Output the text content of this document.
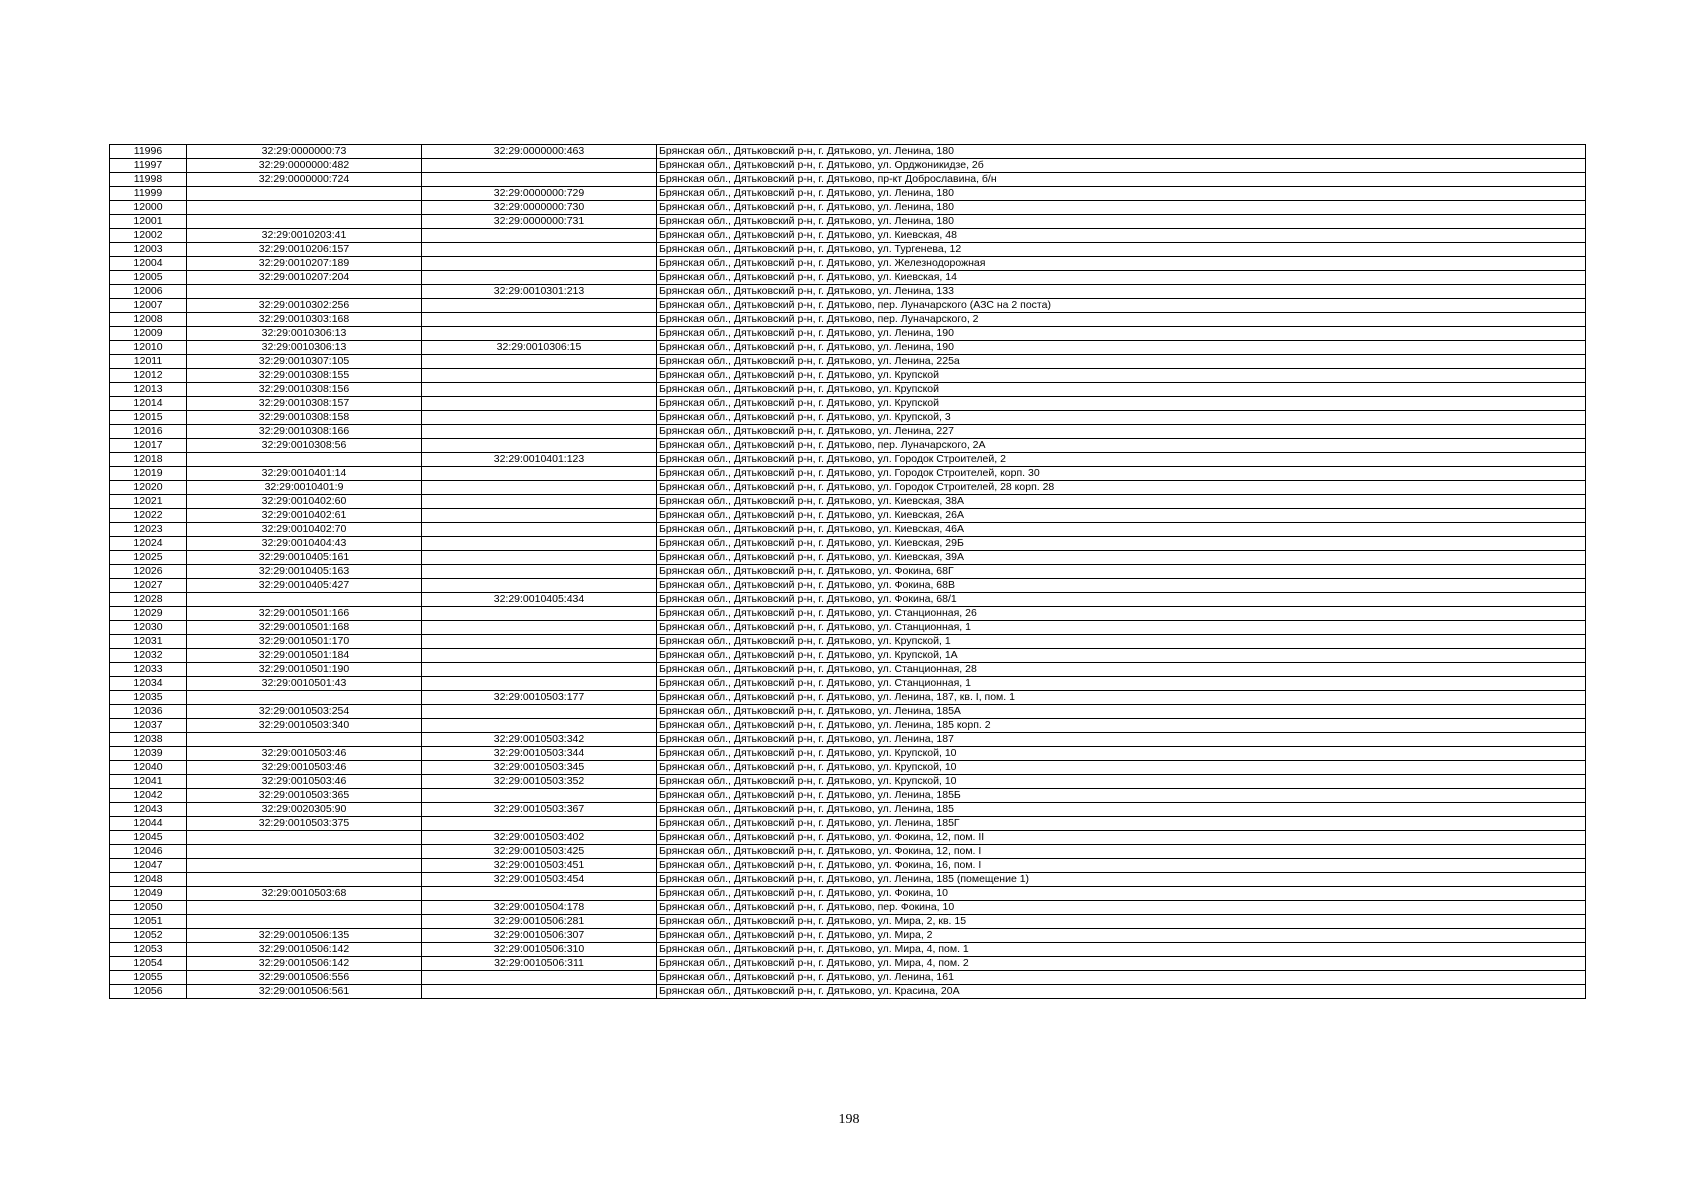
11996	32:29:0000000:73	32:29:0000000:463	Брянская обл., Дятьковский р-н, г. Дятьково, ул. Ленина, 180
11997	32:29:0000000:482		Брянская обл., Дятьковский р-н, г. Дятьково, ул. Орджоникидзе, 2б
11998	32:29:0000000:724		Брянская обл., Дятьковский р-н, г. Дятьково, пр-кт Доброславина, б/н
11999		32:29:0000000:729	Брянская обл., Дятьковский р-н, г. Дятьково, ул. Ленина, 180
12000		32:29:0000000:730	Брянская обл., Дятьковский р-н, г. Дятьково, ул. Ленина, 180
12001		32:29:0000000:731	Брянская обл., Дятьковский р-н, г. Дятьково, ул. Ленина, 180
12002	32:29:0010203:41		Брянская обл., Дятьковский р-н, г. Дятьково, ул. Киевская, 48
12003	32:29:0010206:157		Брянская обл., Дятьковский р-н, г. Дятьково, ул. Тургенева, 12
12004	32:29:0010207:189		Брянская обл., Дятьковский р-н, г. Дятьково, ул. Железнодорожная
12005	32:29:0010207:204		Брянская обл., Дятьковский р-н, г. Дятьково, ул. Киевская, 14
12006		32:29:0010301:213	Брянская обл., Дятьковский р-н, г. Дятьково, ул. Ленина, 133
12007	32:29:0010302:256		Брянская обл., Дятьковский р-н, г. Дятьково, пер. Луначарского (АЗС на 2 поста)
12008	32:29:0010303:168		Брянская обл., Дятьковский р-н, г. Дятьково, пер. Луначарского, 2
12009	32:29:0010306:13		Брянская обл., Дятьковский р-н, г. Дятьково, ул. Ленина, 190
12010	32:29:0010306:13	32:29:0010306:15	Брянская обл., Дятьковский р-н, г. Дятьково, ул. Ленина, 190
12011	32:29:0010307:105		Брянская обл., Дятьковский р-н, г. Дятьково, ул. Ленина, 225а
12012	32:29:0010308:155		Брянская обл., Дятьковский р-н, г. Дятьково, ул. Крупской
12013	32:29:0010308:156		Брянская обл., Дятьковский р-н, г. Дятьково, ул. Крупской
12014	32:29:0010308:157		Брянская обл., Дятьковский р-н, г. Дятьково, ул. Крупской
12015	32:29:0010308:158		Брянская обл., Дятьковский р-н, г. Дятьково, ул. Крупской, 3
12016	32:29:0010308:166		Брянская обл., Дятьковский р-н, г. Дятьково, ул. Ленина, 227
12017	32:29:0010308:56		Брянская обл., Дятьковский р-н, г. Дятьково, пер. Луначарского, 2А
12018		32:29:0010401:123	Брянская обл., Дятьковский р-н, г. Дятьково, ул. Городок Строителей, 2
12019	32:29:0010401:14		Брянская обл., Дятьковский р-н, г. Дятьково, ул. Городок Строителей, корп. 30
12020	32:29:0010401:9		Брянская обл., Дятьковский р-н, г. Дятьково, ул. Городок Строителей, 28 корп. 28
12021	32:29:0010402:60		Брянская обл., Дятьковский р-н, г. Дятьково, ул. Киевская, 38А
12022	32:29:0010402:61		Брянская обл., Дятьковский р-н, г. Дятьково, ул. Киевская, 26А
12023	32:29:0010402:70		Брянская обл., Дятьковский р-н, г. Дятьково, ул. Киевская, 46А
12024	32:29:0010404:43		Брянская обл., Дятьковский р-н, г. Дятьково, ул. Киевская, 29Б
12025	32:29:0010405:161		Брянская обл., Дятьковский р-н, г. Дятьково, ул. Киевская, 39А
12026	32:29:0010405:163		Брянская обл., Дятьковский р-н, г. Дятьково, ул. Фокина, 68Г
12027	32:29:0010405:427		Брянская обл., Дятьковский р-н, г. Дятьково, ул. Фокина, 68В
12028		32:29:0010405:434	Брянская обл., Дятьковский р-н, г. Дятьково, ул. Фокина, 68/1
12029	32:29:0010501:166		Брянская обл., Дятьковский р-н, г. Дятьково, ул. Станционная, 26
12030	32:29:0010501:168		Брянская обл., Дятьковский р-н, г. Дятьково, ул. Станционная, 1
12031	32:29:0010501:170		Брянская обл., Дятьковский р-н, г. Дятьково, ул. Крупской, 1
12032	32:29:0010501:184		Брянская обл., Дятьковский р-н, г. Дятьково, ул. Крупской, 1А
12033	32:29:0010501:190		Брянская обл., Дятьковский р-н, г. Дятьково, ул. Станционная, 28
12034	32:29:0010501:43		Брянская обл., Дятьковский р-н, г. Дятьково, ул. Станционная, 1
12035		32:29:0010503:177	Брянская обл., Дятьковский р-н, г. Дятьково, ул. Ленина, 187, кв. I, пом. 1
12036	32:29:0010503:254		Брянская обл., Дятьковский р-н, г. Дятьково, ул. Ленина, 185А
12037	32:29:0010503:340		Брянская обл., Дятьковский р-н, г. Дятьково, ул. Ленина, 185 корп. 2
12038		32:29:0010503:342	Брянская обл., Дятьковский р-н, г. Дятьково, ул. Ленина, 187
12039	32:29:0010503:46	32:29:0010503:344	Брянская обл., Дятьковский р-н, г. Дятьково, ул. Крупской, 10
12040	32:29:0010503:46	32:29:0010503:345	Брянская обл., Дятьковский р-н, г. Дятьково, ул. Крупской, 10
12041	32:29:0010503:46	32:29:0010503:352	Брянская обл., Дятьковский р-н, г. Дятьково, ул. Крупской, 10
12042	32:29:0010503:365		Брянская обл., Дятьковский р-н, г. Дятьково, ул. Ленина, 185Б
12043	32:29:0020305:90	32:29:0010503:367	Брянская обл., Дятьковский р-н, г. Дятьково, ул. Ленина, 185
12044	32:29:0010503:375		Брянская обл., Дятьковский р-н, г. Дятьково, ул. Ленина, 185Г
12045		32:29:0010503:402	Брянская обл., Дятьковский р-н, г. Дятьково, ул. Фокина, 12, пом. II
12046		32:29:0010503:425	Брянская обл., Дятьковский р-н, г. Дятьково, ул. Фокина, 12, пом. I
12047		32:29:0010503:451	Брянская обл., Дятьковский р-н, г. Дятьково, ул. Фокина, 16, пом. I
12048		32:29:0010503:454	Брянская обл., Дятьковский р-н, г. Дятьково, ул. Ленина, 185 (помещение 1)
12049	32:29:0010503:68		Брянская обл., Дятьковский р-н, г. Дятьково, ул. Фокина, 10
12050		32:29:0010504:178	Брянская обл., Дятьковский р-н, г. Дятьково, пер. Фокина, 10
12051		32:29:0010506:281	Брянская обл., Дятьковский р-н, г. Дятьково, ул. Мира, 2, кв. 15
12052	32:29:0010506:135	32:29:0010506:307	Брянская обл., Дятьковский р-н, г. Дятьково, ул. Мира, 2
12053	32:29:0010506:142	32:29:0010506:310	Брянская обл., Дятьковский р-н, г. Дятьково, ул. Мира, 4, пом. 1
12054	32:29:0010506:142	32:29:0010506:311	Брянская обл., Дятьковский р-н, г. Дятьково, ул. Мира, 4, пом. 2
12055	32:29:0010506:556		Брянская обл., Дятьковский р-н, г. Дятьково, ул. Ленина, 161
12056	32:29:0010506:561		Брянская обл., Дятьковский р-н, г. Дятьково, ул. Красина, 20А
198
